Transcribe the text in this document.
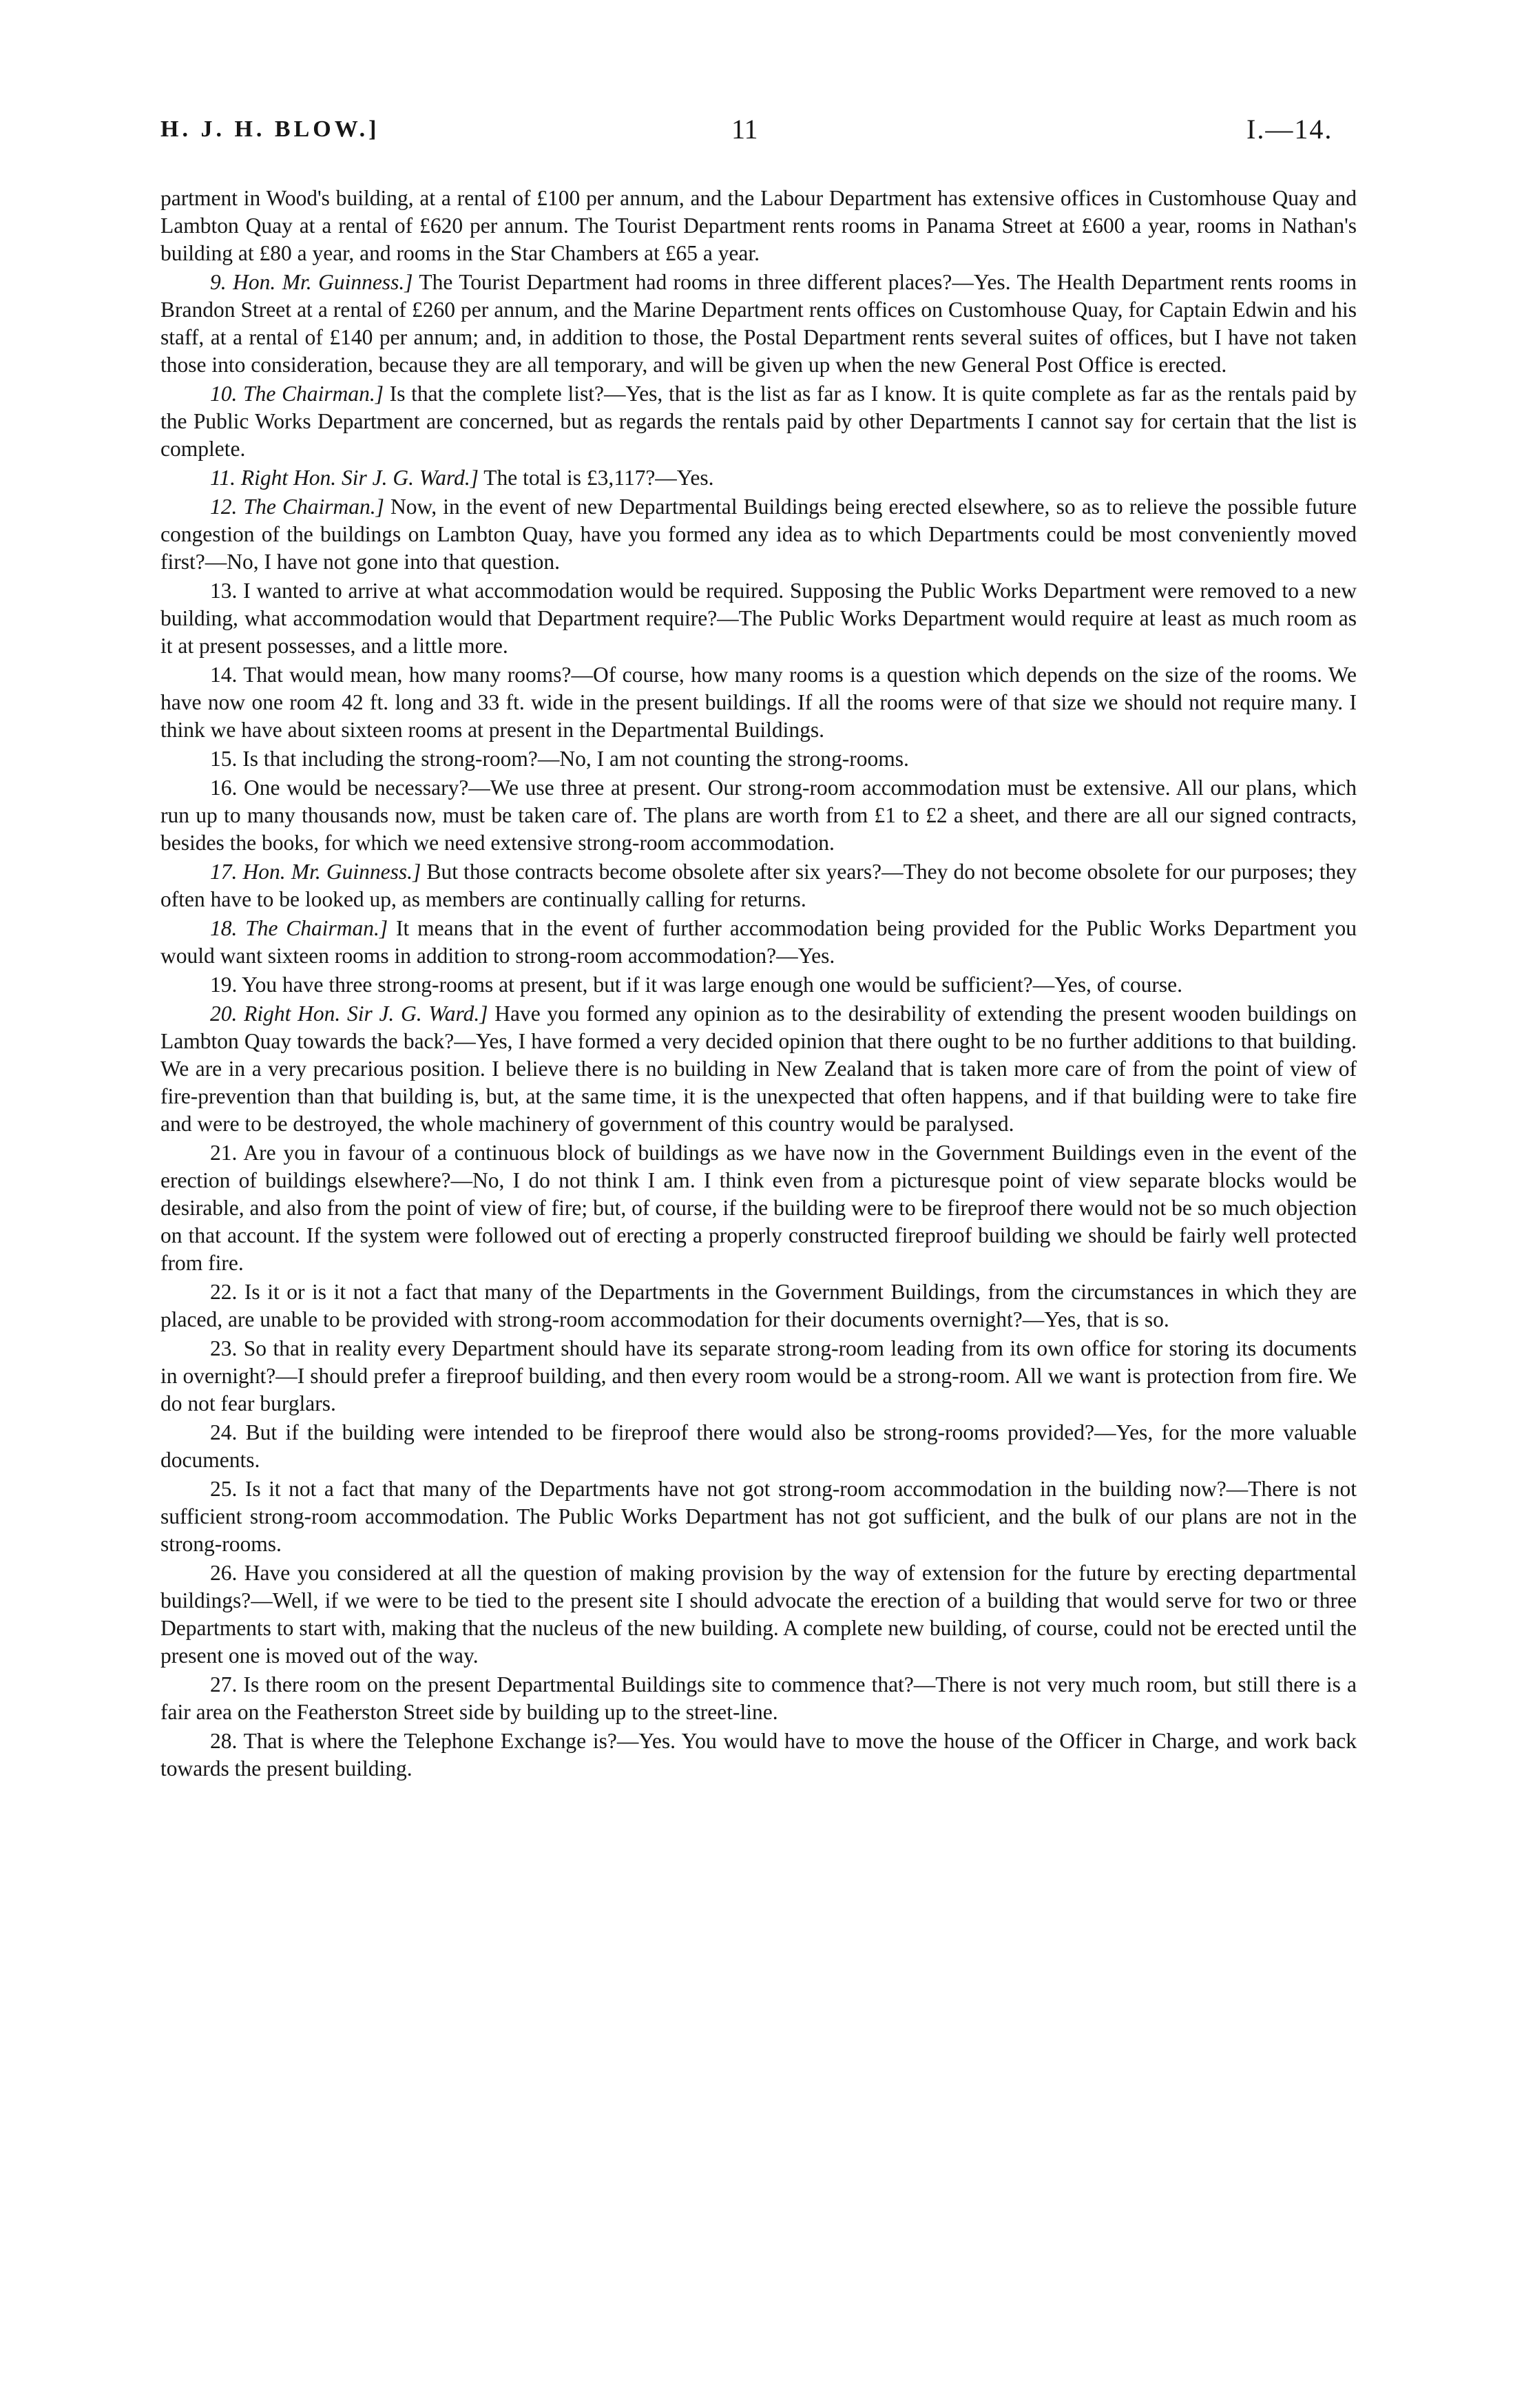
H. J. H. BLOW.]	11	I.—14.

partment in Wood's building, at a rental of £100 per annum, and the Labour Department has extensive offices in Customhouse Quay and Lambton Quay at a rental of £620 per annum. The Tourist Department rents rooms in Panama Street at £600 a year, rooms in Nathan's building at £80 a year, and rooms in the Star Chambers at £65 a year.

9. Hon. Mr. Guinness.] The Tourist Department had rooms in three different places?—Yes. The Health Department rents rooms in Brandon Street at a rental of £260 per annum, and the Marine Department rents offices on Customhouse Quay, for Captain Edwin and his staff, at a rental of £140 per annum; and, in addition to those, the Postal Department rents several suites of offices, but I have not taken those into consideration, because they are all temporary, and will be given up when the new General Post Office is erected.

10. The Chairman.] Is that the complete list?—Yes, that is the list as far as I know. It is quite complete as far as the rentals paid by the Public Works Department are concerned, but as regards the rentals paid by other Departments I cannot say for certain that the list is complete.

11. Right Hon. Sir J. G. Ward.] The total is £3,117?—Yes.

12. The Chairman.] Now, in the event of new Departmental Buildings being erected elsewhere, so as to relieve the possible future congestion of the buildings on Lambton Quay, have you formed any idea as to which Departments could be most conveniently moved first?—No, I have not gone into that question.

13. I wanted to arrive at what accommodation would be required. Supposing the Public Works Department were removed to a new building, what accommodation would that Department require?—The Public Works Department would require at least as much room as it at present possesses, and a little more.

14. That would mean, how many rooms?—Of course, how many rooms is a question which depends on the size of the rooms. We have now one room 42 ft. long and 33 ft. wide in the present buildings. If all the rooms were of that size we should not require many. I think we have about sixteen rooms at present in the Departmental Buildings.

15. Is that including the strong-room?—No, I am not counting the strong-rooms.

16. One would be necessary?—We use three at present. Our strong-room accommodation must be extensive. All our plans, which run up to many thousands now, must be taken care of. The plans are worth from £1 to £2 a sheet, and there are all our signed contracts, besides the books, for which we need extensive strong-room accommodation.

17. Hon. Mr. Guinness.] But those contracts become obsolete after six years?—They do not become obsolete for our purposes; they often have to be looked up, as members are continually calling for returns.

18. The Chairman.] It means that in the event of further accommodation being provided for the Public Works Department you would want sixteen rooms in addition to strong-room accommodation?—Yes.

19. You have three strong-rooms at present, but if it was large enough one would be sufficient?—Yes, of course.

20. Right Hon. Sir J. G. Ward.] Have you formed any opinion as to the desirability of extending the present wooden buildings on Lambton Quay towards the back?—Yes, I have formed a very decided opinion that there ought to be no further additions to that building. We are in a very precarious position. I believe there is no building in New Zealand that is taken more care of from the point of view of fire-prevention than that building is, but, at the same time, it is the unexpected that often happens, and if that building were to take fire and were to be destroyed, the whole machinery of government of this country would be paralysed.

21. Are you in favour of a continuous block of buildings as we have now in the Government Buildings even in the event of the erection of buildings elsewhere?—No, I do not think I am. I think even from a picturesque point of view separate blocks would be desirable, and also from the point of view of fire; but, of course, if the building were to be fireproof there would not be so much objection on that account. If the system were followed out of erecting a properly constructed fireproof building we should be fairly well protected from fire.

22. Is it or is it not a fact that many of the Departments in the Government Buildings, from the circumstances in which they are placed, are unable to be provided with strong-room accommodation for their documents overnight?—Yes, that is so.

23. So that in reality every Department should have its separate strong-room leading from its own office for storing its documents in overnight?—I should prefer a fireproof building, and then every room would be a strong-room. All we want is protection from fire. We do not fear burglars.

24. But if the building were intended to be fireproof there would also be strong-rooms provided?—Yes, for the more valuable documents.

25. Is it not a fact that many of the Departments have not got strong-room accommodation in the building now?—There is not sufficient strong-room accommodation. The Public Works Department has not got sufficient, and the bulk of our plans are not in the strong-rooms.

26. Have you considered at all the question of making provision by the way of extension for the future by erecting departmental buildings?—Well, if we were to be tied to the present site I should advocate the erection of a building that would serve for two or three Departments to start with, making that the nucleus of the new building. A complete new building, of course, could not be erected until the present one is moved out of the way.

27. Is there room on the present Departmental Buildings site to commence that?—There is not very much room, but still there is a fair area on the Featherston Street side by building up to the street-line.

28. That is where the Telephone Exchange is?—Yes. You would have to move the house of the Officer in Charge, and work back towards the present building.
